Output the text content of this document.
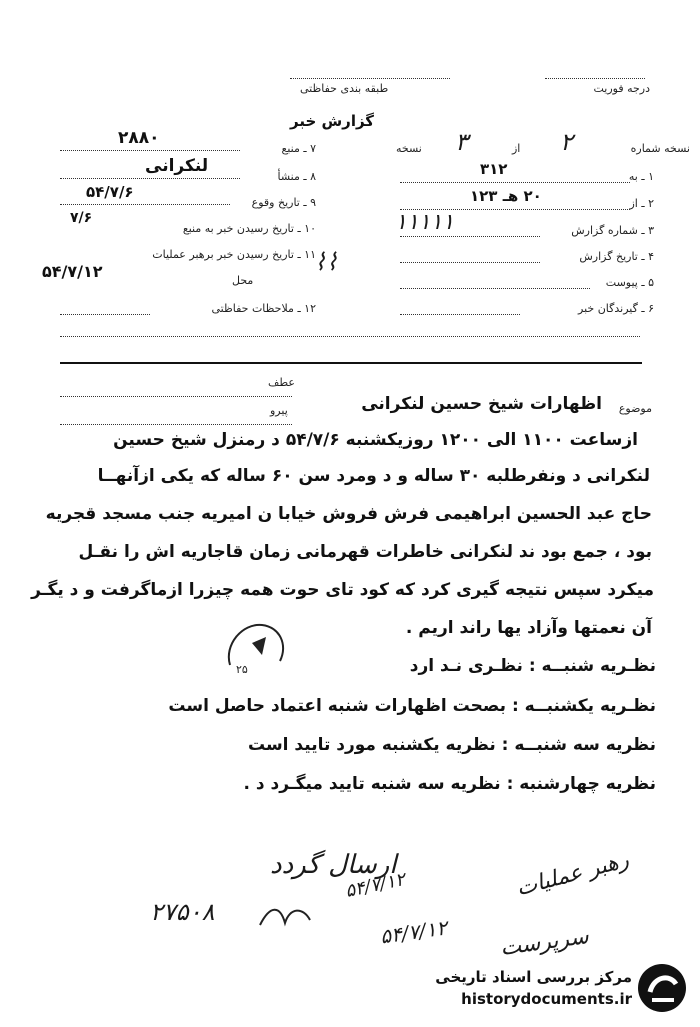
درجه فوریت
طبقه بندی حفاظتی
گزارش خبر
نسخه شماره
۲
از
۳
نسخه
۱ ـ به
۳۱۲
۲ ـ از
۲۰ هـ ۱۲۳
۳ ـ شماره گزارش
۱۱۱۱۱
۴ ـ تاریخ گزارش
۵ ـ پیوست
۶ ـ گیرندگان خبر
۷ ـ منبع
۲۸۸۰
۸ ـ منشأ
لنکرانی
۹ ـ تاریخ وقوع
۵۴/۷/۶
۱۰ ـ تاریخ رسیدن خبر به منبع
۷/۶
۱۱ ـ تاریخ رسیدن خبر برهبر عملیات
۵۴/۷/۱۲	محل
۱۲ ـ ملاحظات حفاظتی
⌇⌇
عطف
پیرو	موضوع
اظهارات شیخ حسین لنکرانی
ازساعت ۱۱۰۰ الی ۱۲۰۰ روزیکشنبه ۵۴/۷/۶ د رمنزل شیخ حسین
لنکرانی د ونفرطلبه ۳۰ ساله و د ومرد سن ۶۰ ساله که یکی ازآنهــا
حاج عبد الحسین ابراهیمی فرش فروش خیابا ن امیریه جنب مسجد قجریه
بود ، جمع بود ند لنکرانی خاطرات قهرمانی زمان قاجاریه اش را نقـل
میکرد سپس نتیجه گیری کرد که کود تای حوت همه چیزرا ازماگرفت و د یگـر
آن نعمتها وآزاد یها راند اریم .
۲۵	نظـریه شنبــه : نظـری نـد ارد
نظـریه یکشنبــه : بصحت اظهارات شنبه اعتماد حاصل است
نظریه سه شنبــه : نظریه یکشنبه مورد تایید است
نظریه چهارشنبه : نظریه سه شنبه تایید میگـرد د .
ارسال گردد
۲۷۵۰۸
۵۴/۷/۱۲
۵۴/۷/۱۲
رهبر عملیات
سرپرست
مرکز بررسی اسناد تاریخی
historydocuments.ir
